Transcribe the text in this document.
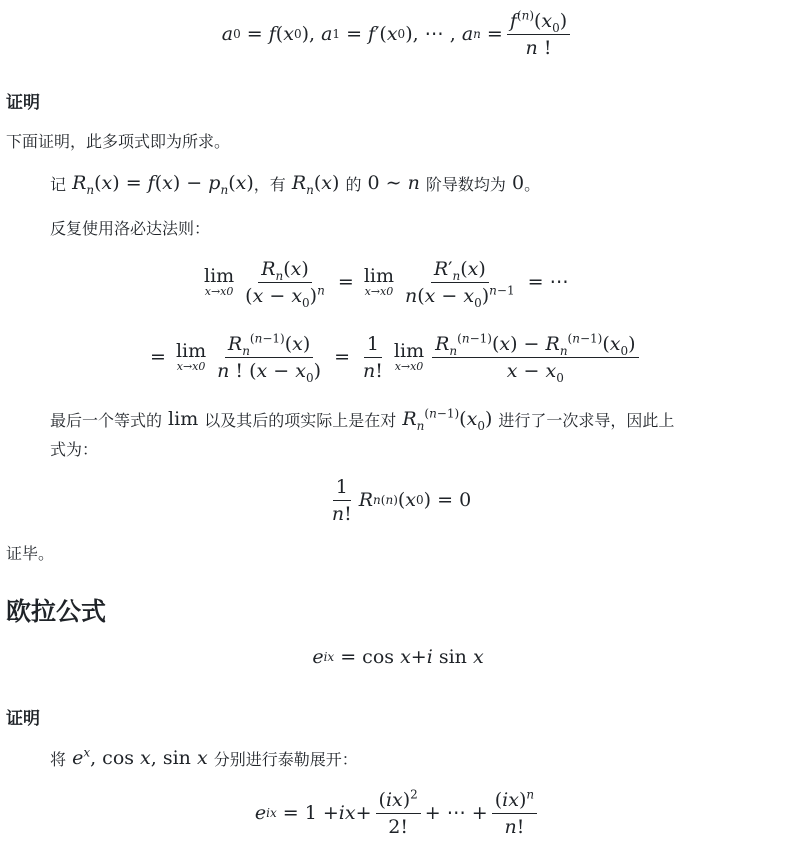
a 0 = f ( x 0 ), a 1 = f ′( x 0 ), ⋯ , a $n = \frac{f^{(n)}(x_0)}{n !}$
证明
下面证明，此多项式即为所求。
记 $R_n(x) = f(x) - p_n(x)$ ，有 $R_n(x)$ 的 0 ∼ n 阶导数均为 0 。
反复使用洛必达法则：
lim
$x\to x0 \frac{R_n(x)}{(x - x_0)^n} = \lim$
$x\to x0 \frac{R'_n(x)}{n(x - x_0)^{n-1}}$ = ⋯
= lim
$x\to x0 \frac{R_n^{(n-1)}(x)}{n ! (x - x_0)} = \frac{1}{n!}$ lim
$x\to x0 \frac{R_n^{(n-1)}(x) - R_n^{(n-1)}(x_0)}{x - x_0}$
最后一个等式的 lim 以及其后的项实际上是在对 $R_n^{(n-1)}(x_0)$ 进行了一次求导，因此上
式为：
$\frac{1}{n!}$ R n (n) ( x 0 ) = 0
证毕。
欧拉公式
e ix = cos x + i sin x
证明
将 $e^x$, cos x, sin x 分别进行泰勒展开：
e ix = 1 + ix + $\frac{(ix)^2}{2!}$ + ⋯ + $\frac{(ix)^n}{n!}$
